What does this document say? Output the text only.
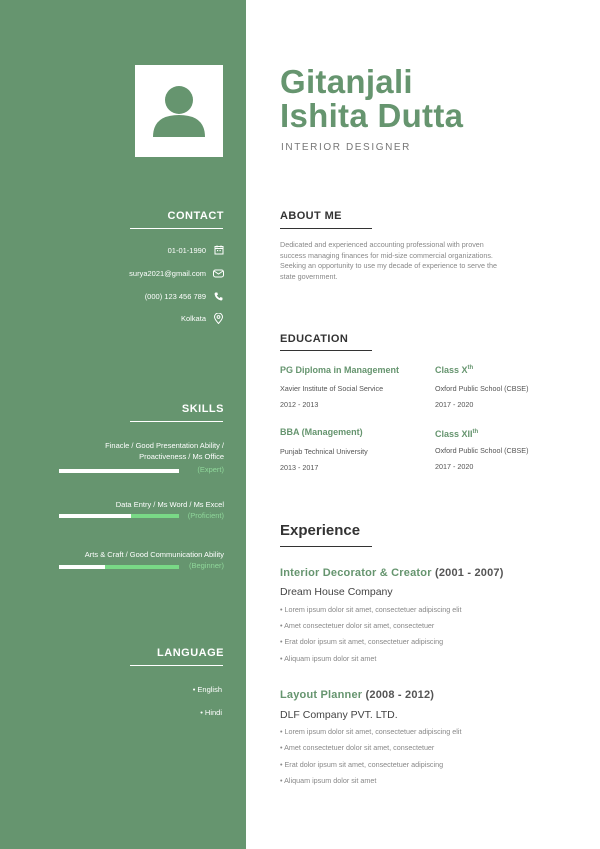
CONTACT
01-01-1990
surya2021@gmail.com
(000) 123 456 789
Kolkata
SKILLS
Finacle / Good Presentation Ability /
Proactiveness / Ms Office
(Expert)
Data Entry / Ms Word / Ms Excel
(Proficient)
Arts & Craft / Good Communication Ability
(Beginner)
LANGUAGE
• English
• Hindi
Gitanjali
Ishita Dutta
INTERIOR DESIGNER
ABOUT ME
Dedicated and experienced accounting professional with proven success managing finances for mid-size commercial organizations. Seeking an opportunity to use my decade of experience to serve the state government.
EDUCATION
PG Diploma in Management
Xavier Institute of Social Service
2012 - 2013
Class Xth
Oxford Public School (CBSE)
2017 - 2020
BBA (Management)
Punjab Technical University
2013 - 2017
Class XIIth
Oxford Public School (CBSE)
2017 - 2020
Experience
Interior Decorator & Creator (2001 - 2007)
Dream House Company
• Lorem ipsum dolor sit amet, consectetuer adipiscing elit
• Amet consectetuer dolor sit amet, consectetuer
• Erat dolor ipsum sit amet, consectetuer adipiscing
• Aliquam ipsum dolor sit amet
Layout Planner (2008 - 2012)
DLF Company PVT. LTD.
• Lorem ipsum dolor sit amet, consectetuer adipiscing elit
• Amet consectetuer dolor sit amet, consectetuer
• Erat dolor ipsum sit amet, consectetuer adipiscing
• Aliquam ipsum dolor sit amet
